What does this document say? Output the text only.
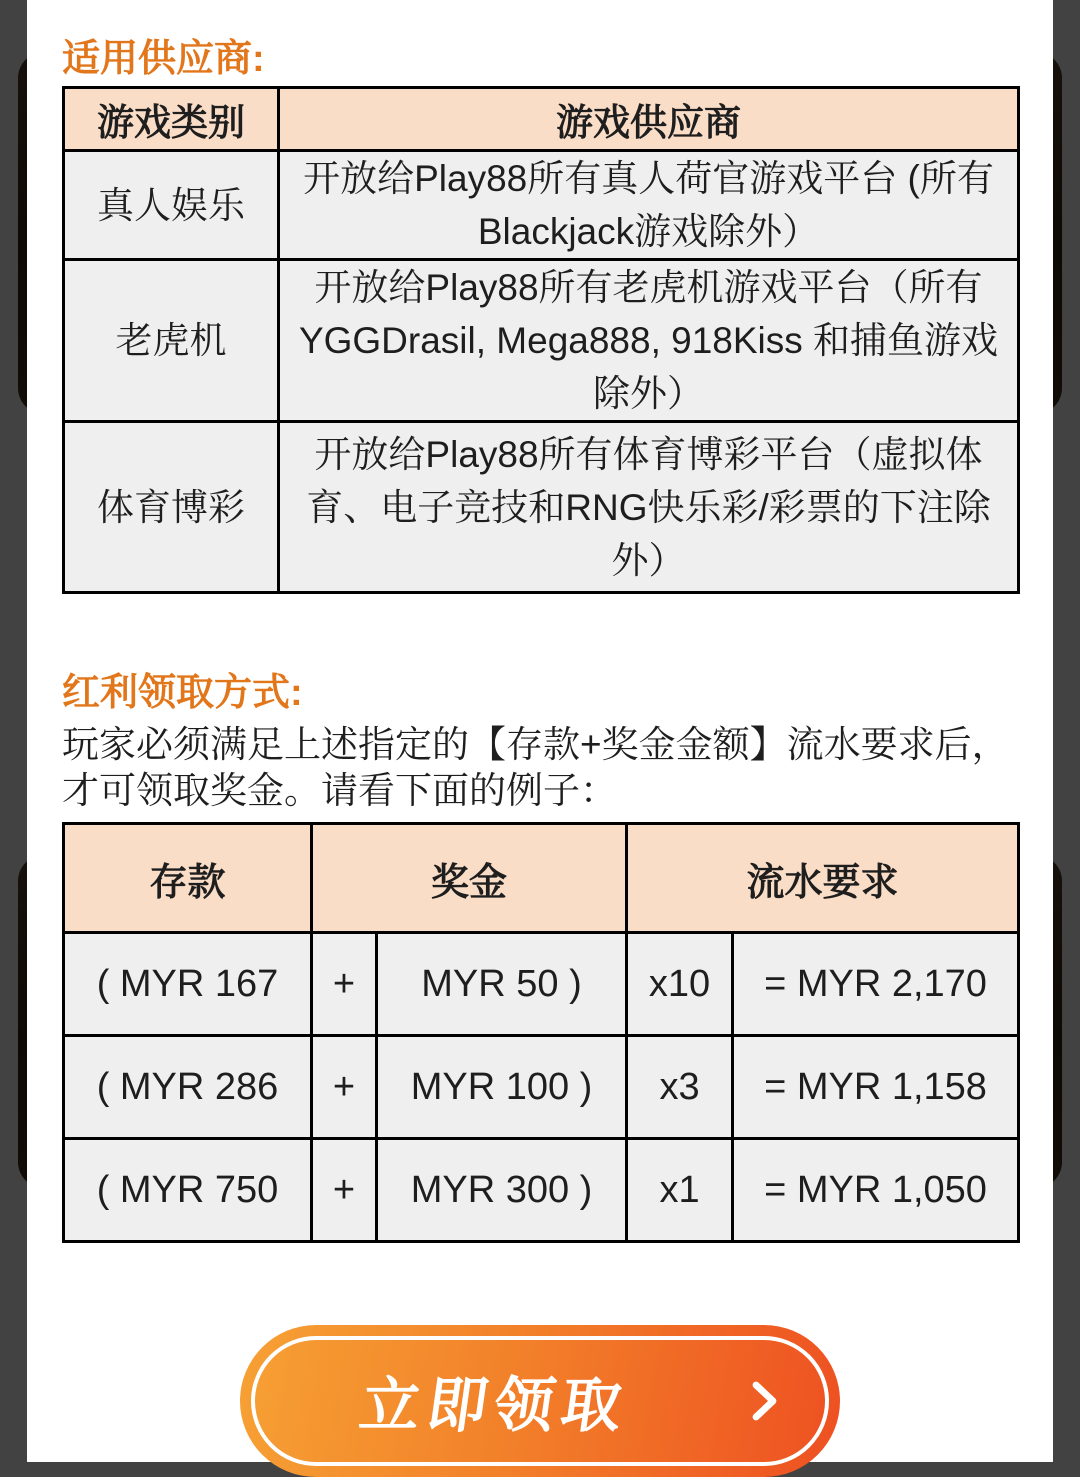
适用供应商:
游戏类别	游戏供应商
真人娱乐	开放给Play88所有真人荷官游戏平台 (所有Blackjack游戏除外）
老虎机	开放给Play88所有老虎机游戏平台（所有YGGDrasil, Mega888, 918Kiss 和捕鱼游戏除外）
体育博彩	开放给Play88所有体育博彩平台（虚拟体育、电子竞技和RNG快乐彩/彩票的下注除外）
红利领取方式:

玩家必须满足上述指定的【存款+奖金金额】流水要求后，才可领取奖金。请看下面的例子：

存款	奖金		流水要求	
( MYR 167	+	MYR 50 )	x10	= MYR 2,170
( MYR 286	+	MYR 100 )	x3	= MYR 1,158
( MYR 750	+	MYR 300 )	x1	= MYR 1,050
立即领取
